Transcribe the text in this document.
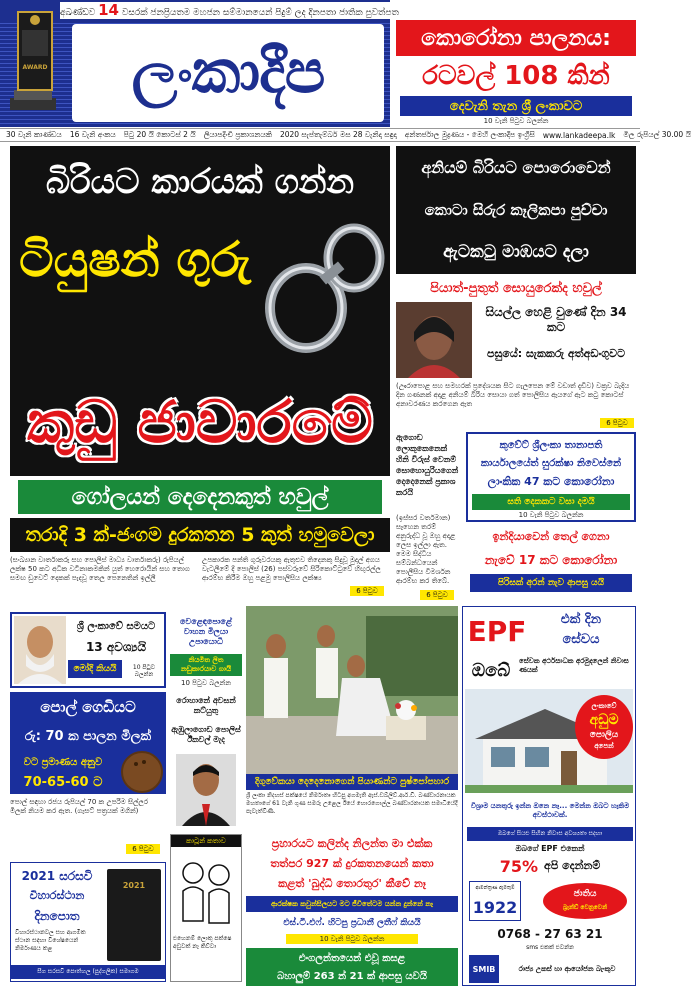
අඛණ්ඩව 14 වසරක් ජනප්‍රියතම මහජන සම්මානයෙන් පිදුම් ලද දිනපතා ජාතික පුවත්පත
AWARD	ලංකාදීප	කොරෝනා පාලනය:
රටවල් 108 කින්
දෙවැනි තැන ශ්‍රී ලංකාවට
10 වැනි පිටුව බලන්න
30 වැනි කාණ්ඩය 16 වැනි අංකය පිටු 20 යි කොටස් 2 යි ලියාපදිංචි ප්‍රකාශනයකි 2020 සැප්තැම්බර් මස 28 වැනිදා සඳුදා අන්තර්ජාල මුද්‍රණය - මෙහි ලංකාදීප ඉංග්‍රීසි www.lankadeepa.lk මිල රුපියල් 30.00 යි
බිරියට කාරයක් ගන්න
ටියුෂන් ගුරු
කුඩු ජාවාරමේ
ගෝලයන් දෙදෙනකුත් හවුල්
තරාදි 3 ක්-ජංගම දුරකතන 5 කුත් හමුවෙලා
(සංඛ්‍යාන වාර්තාකරු සහ පොලිස් මාධ්‍ය වාර්තාකරු) රුපියල් ලක්ෂ 50 කට අධික වටිනාකමකින් යුත් හෙරොයින් සහ තොග සමඟ ඩුවෙට් දෙකක් පැදවූ තෙල පෙනෙතින් ඉල්ලී
උපකාරක පන්ති ගුරුවරයකු ඇතුළුව තිදෙනකු සිදුවූ මුදල් අගය වැටලීමේ දී පොලිස් (26) පස්වරුවේ සිරිකොට්ටුවේ හිඟුරල්ල ආරම්භ කිරීම ඔහු පළමු පොලිසිය ලක්ෂ්‍ය
6 පිටුව
අනියම් බිරියට පොරොවෙන්
කොටා සිරුර කෑලිකපා පුච්චා
ඇටකටු මාඹයට දලා
පියාත්-පුතුත් සොයුරෙක්ද හවුල්
සියල්ල හෙළි වුණේ දින 34 කට
පසුයේ: සැකකරු අත්අඩංගුවට
(ඌරාපොළ සහ සමහරක් ප්‍රදේශයක සිට ගැලපෙන මේ වඩාත් දැඩිව) වක්‍රව බැදිය දින ගණනක් අදාළ අනියම් බිරිය සොයා ගත් පොලිසිය ඇයගේ ඇට කටු කොටස් අනාවරණය කරගෙන ඇත
6 පිටුව
ඇගොඩ ලොකුකෙනෙක් හිනි වීරුස් වෙනම් සොහොයුරියගෙන් දෙදෙනෙක් ප්‍රකාශ කරයි
(ඉස්සර වර්තමාන) සෑහෙන තරම් අනුරුද්ධ වූ ඔහු අදාළ ලෙස ඉල්ලා ඇත. මෙම සිද්ධිය සම්බන්ධයෙන් පොලීසිය විමර්ශන ආරම්භ කර තිබේ.
6 පිටුව
කුවේට් ශ්‍රීලංකා තානාපති
කාර්යාලයේත් සුරක්ෂා නිවෙස්නේ
ලාංකික 47 කට කොරෝනා
සති දෙකකට වසා දමයි
10 වැනි පිටුව බලන්න
ඉන්දියාවෙන් තෙල් ගෙනා
නැවේ 17 කට කොරෝනා
පිරිසක් අරන් නැව ආපසු යයි
ශ්‍රී ලංකාවේ සමයට
13 අවශ්‍යයි
මෝදි කියයි	10 පිටුව බලන්න
පොල් ගෙඩියට
රු: 70 ක පාලන මිලක්
වට ප්‍රමාණය අනුව
70-65-60 ට
පොල් සඳහා රජය රුපියල් 70 ක උපරිම සිල්ලර මිලක් නියම කර ඇත. (ගැසට් පත්‍රයක් මගින්)
6 පිටුව
2021 සරසවි
විහාරස්ථාන
දිනපොත
විහාරස්ථානවල සහ ආගමික ස්ථාන සඳහා විශේෂයෙන් නිර්මාණය කළ
2021
සීග සරසවි පොත්හල (පුද්ගලික) සමාගම
වෙළෙඳපොළේ වාහන මිලයා උපායොධී
නියමිත ලිත නඩුකාරයාව ගායි
10 පිටුව බලන්න
රොහානේ අවසන් කට්යුතු
ඇඹුලාගොඩ පොලිස් ඊ්කවල් මැද
කාටූන් කතාව
එහෙනම් ලොකු පක්ෂෙ අඩුවක් නෑ කිව්වා
දිගුවේකයා දෙදෙනොගෙන් පියාණන්ට පුෂ්පෝපහාර
ශ්‍රී ලංකා නිදහස් පක්ෂයේ නිර්මාතෘ හිටපු අගමැති ඇස්.ඩබ්ලිව්.ආර්.ඩී. බණ්ඩාරනායක මහතාගේ 61 වැනි ගුණ සමරු උළෙල ඊයේ හොරගොල්ල බණ්ඩාරනායක සමාධියේදී පැවැත්විණි.
ප්‍රහාරයට කලින්ද නිලන්ත මා එක්ක
තත්පර 927 ක් දුරකතනයෙන් කතා
කළත් 'බුද්ධි තොරතුර' කීවේ නෑ
ආරක්ෂක කවුන්සිලයට මට ජීවිතේටම යන්න දුන්නේ නෑ
එස්.ටී.එෆ්. හිටපු ප්‍රධානී ලතීෆ් කියයි
10 වැනි පිටුව බලන්න
එංගලන්තයෙන් එවූ කසළ
බහාලුම් 263 න් 21 ක් ආපසු යවයි
EPF	එක් දින
සේවය
ඔබේ	සේවක අර්ථසාධක අරමුදලෙන් නිවාස ණයක්
ලංකාවේ
අඩුම
පොලිය
අපෙන්
විශ්‍රාම යනතුරු ඉන්න ඔනෙ නෑ... මෙන්න ඔබට හැකිම අවස්ථාවක්.
ඔබගේ සියළු සිහින නිවාස අවශ්‍යතා සදහා
ඔබගේ EPF එකෙන්
75% අපි දෙන්නම්
ආමන්ත්‍රණ ඇමතුම්
1922
ජාතිය
බ්‍රැන්ඩ් වෙනුවෙන්
0768 - 27 63 21
sms එකක් එවන්න
SMIB	රාජ්‍ය උකස් හා ආයෝජන බැංකුව
